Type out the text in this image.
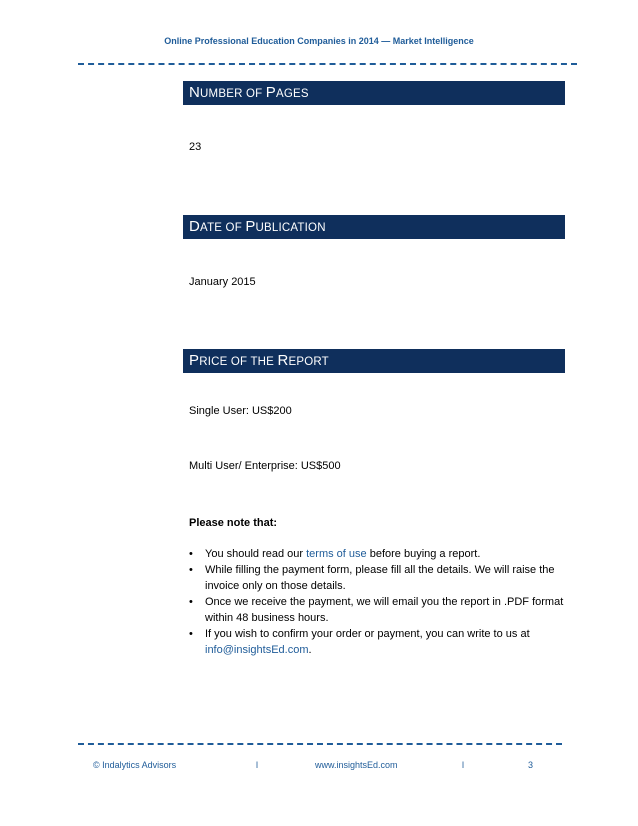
Online Professional Education Companies in 2014 — Market Intelligence
NUMBER OF PAGES
23
DATE OF PUBLICATION
January 2015
PRICE OF THE REPORT
Single User: US$200
Multi User/ Enterprise: US$500
Please note that:
• You should read our terms of use before buying a report.
• While filling the payment form, please fill all the details. We will raise the invoice only on those details.
• Once we receive the payment, we will email you the report in .PDF format within 48 business hours.
• If you wish to confirm your order or payment, you can write to us at info@insightsEd.com.
© Indalytics Advisors	l	www.insightsEd.com	l	3
